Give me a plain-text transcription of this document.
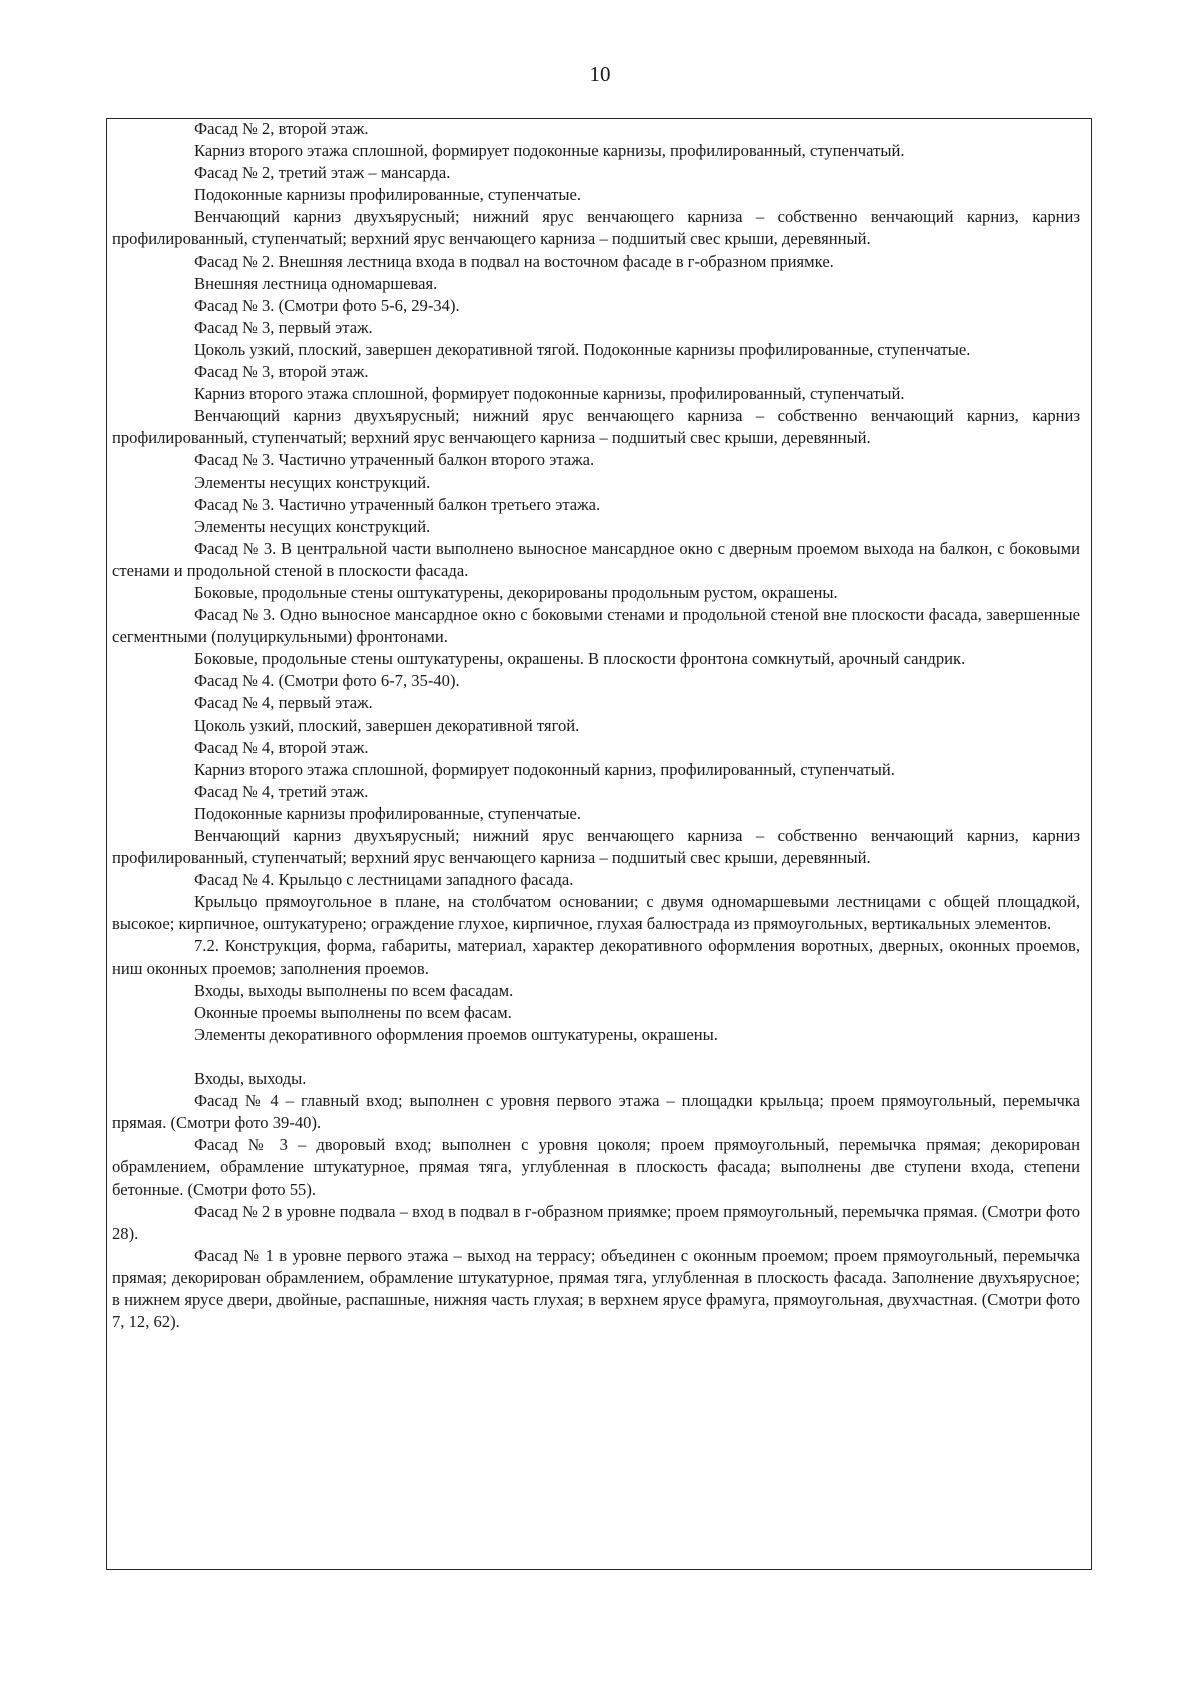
10

Фасад № 2, второй этаж.

Карниз второго этажа сплошной, формирует подоконные карнизы, профилированный, ступенчатый.

Фасад № 2, третий этаж – мансарда.

Подоконные карнизы профилированные, ступенчатые.

Венчающий карниз двухъярусный; нижний ярус венчающего карниза – собственно венчающий карниз, карниз профилированный, ступенчатый; верхний ярус венчающего карниза – подшитый свес крыши, деревянный.

Фасад № 2. Внешняя лестница входа в подвал на восточном фасаде в г-образном приямке.

Внешняя лестница одномаршевая.

Фасад № 3. (Смотри фото 5-6, 29-34).

Фасад № 3, первый этаж.

Цоколь узкий, плоский, завершен декоративной тягой. Подоконные карнизы профилированные, ступенчатые.

Фасад № 3, второй этаж.

Карниз второго этажа сплошной, формирует подоконные карнизы, профилированный, ступенчатый.

Венчающий карниз двухъярусный; нижний ярус венчающего карниза – собственно венчающий карниз, карниз профилированный, ступенчатый; верхний ярус венчающего карниза – подшитый свес крыши, деревянный.

Фасад № 3. Частично утраченный балкон второго этажа.

Элементы несущих конструкций.

Фасад № 3. Частично утраченный балкон третьего этажа.

Элементы несущих конструкций.

Фасад № 3. В центральной части выполнено выносное мансардное окно с дверным проемом выхода на балкон, с боковыми стенами и продольной стеной в плоскости фасада.

Боковые, продольные стены оштукатурены, декорированы продольным рустом, окрашены.

Фасад № 3. Одно выносное мансардное окно с боковыми стенами и продольной стеной вне плоскости фасада, завершенные сегментными (полуциркульными) фронтонами.

Боковые, продольные стены оштукатурены, окрашены. В плоскости фронтона сомкнутый, арочный сандрик.

Фасад № 4. (Смотри фото 6-7, 35-40).

Фасад № 4, первый этаж.

Цоколь узкий, плоский, завершен декоративной тягой.

Фасад № 4, второй этаж.

Карниз второго этажа сплошной, формирует подоконный карниз, профилированный, ступенчатый.

Фасад № 4, третий этаж.

Подоконные карнизы профилированные, ступенчатые.

Венчающий карниз двухъярусный; нижний ярус венчающего карниза – собственно венчающий карниз, карниз профилированный, ступенчатый; верхний ярус венчающего карниза – подшитый свес крыши, деревянный.

Фасад № 4. Крыльцо с лестницами западного фасада.

Крыльцо прямоугольное в плане, на столбчатом основании; с двумя одномаршевыми лестницами с общей площадкой, высокое; кирпичное, оштукатурено; ограждение глухое, кирпичное, глухая балюстрада из прямоугольных, вертикальных элементов.

7.2. Конструкция, форма, габариты, материал, характер декоративного оформления воротных, дверных, оконных проемов, ниш оконных проемов; заполнения проемов.

Входы, выходы выполнены по всем фасадам.

Оконные проемы выполнены по всем фасам.

Элементы декоративного оформления проемов оштукатурены, окрашены.

Входы, выходы.

Фасад № 4 – главный вход; выполнен с уровня первого этажа – площадки крыльца; проем прямоугольный, перемычка прямая. (Смотри фото 39-40).

Фасад № 3 – дворовый вход; выполнен с уровня цоколя; проем прямоугольный, перемычка прямая; декорирован обрамлением, обрамление штукатурное, прямая тяга, углубленная в плоскость фасада; выполнены две ступени входа, степени бетонные. (Смотри фото 55).

Фасад № 2 в уровне подвала – вход в подвал в г-образном приямке; проем прямоугольный, перемычка прямая. (Смотри фото 28).

Фасад № 1 в уровне первого этажа – выход на террасу; объединен с оконным проемом; проем прямоугольный, перемычка прямая; декорирован обрамлением, обрамление штукатурное, прямая тяга, углубленная в плоскость фасада. Заполнение двухъярусное; в нижнем ярусе двери, двойные, распашные, нижняя часть глухая; в верхнем ярусе фрамуга, прямоугольная, двухчастная. (Смотри фото 7, 12, 62).
